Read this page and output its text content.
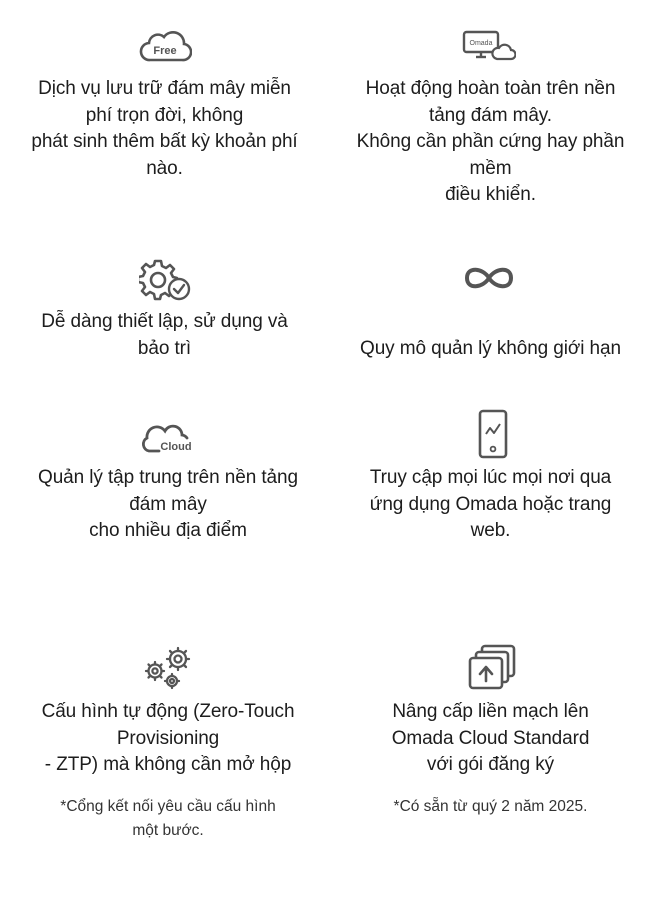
Free
Dịch vụ lưu trữ đám mây miễn
phí trọn đời, không
phát sinh thêm bất kỳ khoản phí
nào.
Omada
Hoạt động hoàn toàn trên nền
tảng đám mây.
Không cần phần cứng hay phần
mềm
điều khiển.
Dễ dàng thiết lập, sử dụng và
bảo trì	Quy mô quản lý không giới hạn
Cloud
Quản lý tập trung trên nền tảng
đám mây
cho nhiều địa điểm
Truy cập mọi lúc mọi nơi qua
ứng dụng Omada hoặc trang
web.
Cấu hình tự động (Zero-Touch
Provisioning
- ZTP) mà không cần mở hộp
*Cổng kết nối yêu cầu cấu hình
một bước.
Nâng cấp liền mạch lên
Omada Cloud Standard
với gói đăng ký
*Có sẵn từ quý 2 năm 2025.
